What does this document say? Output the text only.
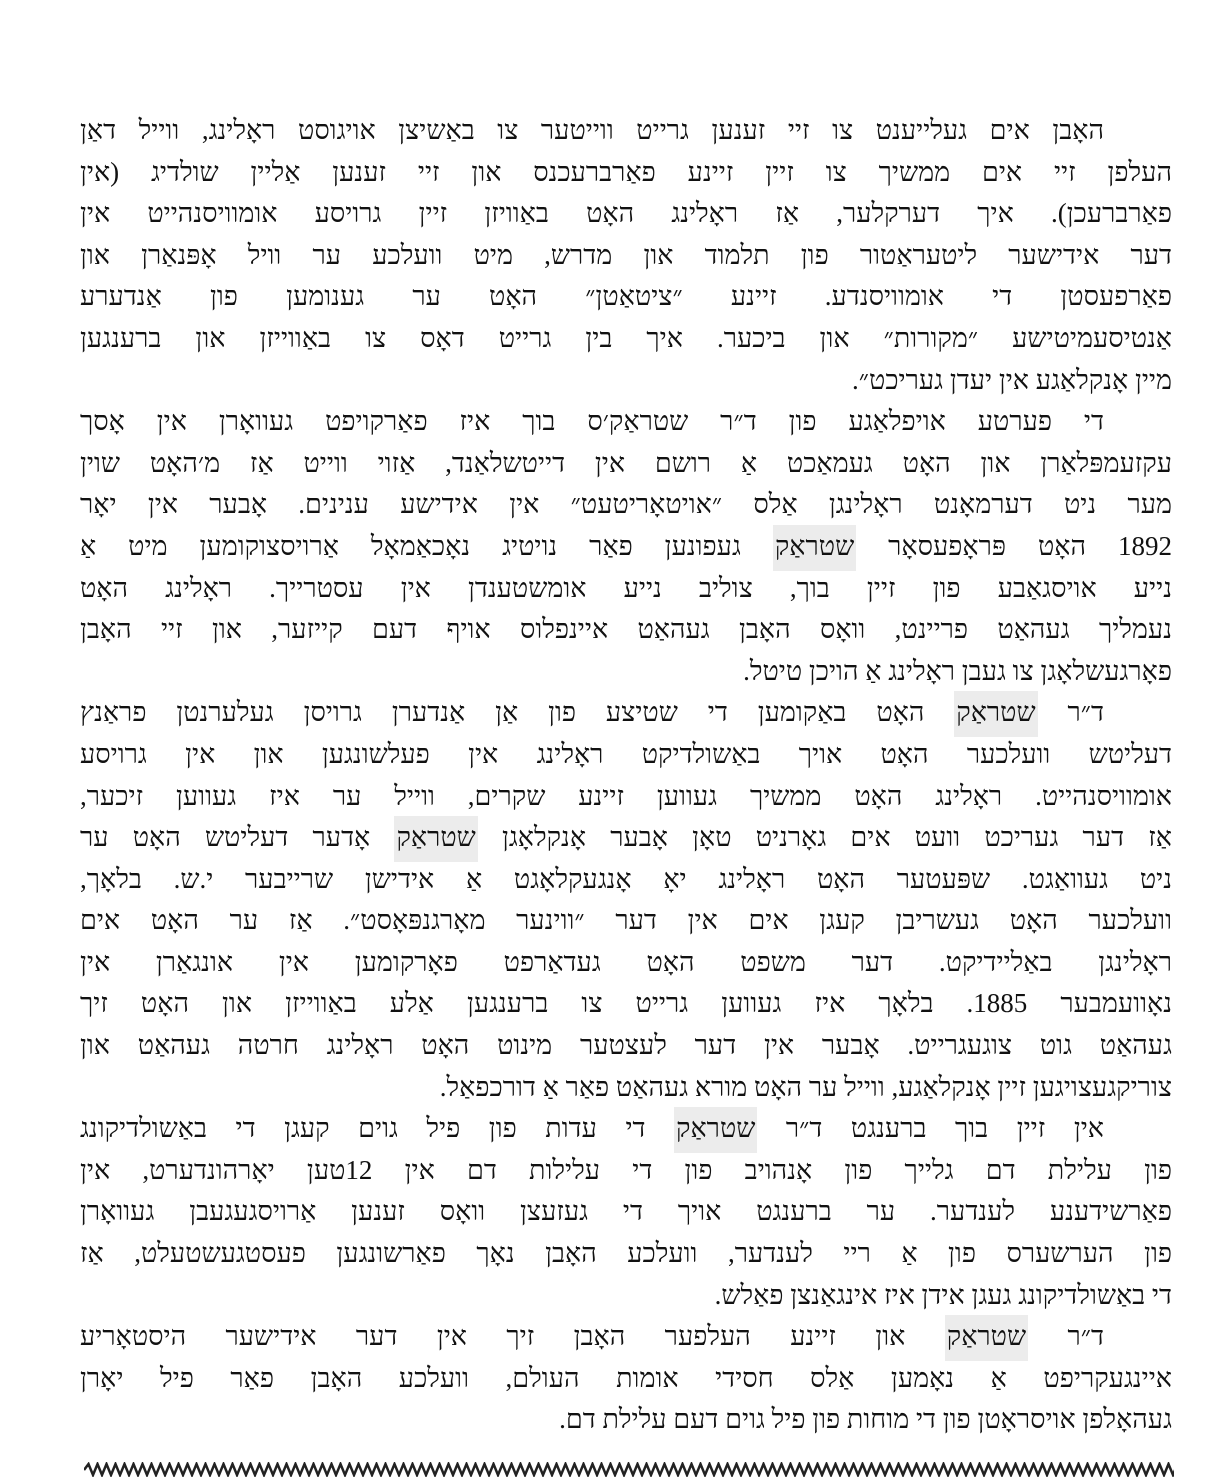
האָבן אים געלייענט צו זיי זענען גרייט ווייטער צו באַשיצן אויגוסט ראָלינג, ווייל דאַן
העלפן זיי אים ממשיך צו זיין זיינע פאַרברעכנס און זיי זענען אַליין שולדיג (אין
פאַרברעכן). איך דערקלער, אַז ראָלינג האָט באַוויזן זיין גרויסע אומוויסנהייט אין
דער אידישער ליטעראַטור פון תלמוד און מדרש, מיט וועלכע ער וויל אָפּנאַרן און
פאַרפעסטן די אומוויסנדע. זיינע ״ציטאַטן״ האָט ער גענומען פון אַנדערע
אַנטיסעמיטישע ״מקורות״ און ביכער. איך בין גרייט דאָס צו באַווייזן און ברענגען
מיין אָנקלאַגע אין יעדן געריכט״.
די פערטע אויפלאַגע פון ד״ר שטראַק׳ס בוך איז פאַרקויפט געוואָרן אין אָסך
עקזעמפּלאַרן און האָט געמאַכט אַ רושם אין דייטשלאַנד, אַזוי ווייט אַז מ׳האָט שוין
מער ניט דערמאָנט ראָלינגן אַלס ״אויטאָריטעט״ אין אידישע ענינים. אָבער אין יאָר
1892 האָט פּראָפעסאָר שטראַק געפונען פאַר נויטיג נאָכאַמאָל אַרויסצוקומען מיט אַ
נייע אויסגאַבע פון זיין בוך, צוליב נייע אומשטענדן אין עסטרייך. ראָלינג האָט
נעמליך געהאַט פריינט, וואָס האָבן געהאַט איינפלוס אויף דעם קייזער, און זיי האָבן
פאָרגעשלאָגן צו געבן ראָלינג אַ הויכן טיטל.
ד״ר שטראַק האָט באַקומען די שטיצע פון אַן אַנדערן גרויסן געלערנטן פראַנץ
דעליטש וועלכער האָט אויך באַשולדיקט ראָלינג אין פעלשונגען און אין גרויסע
אומוויסנהייט. ראָלינג האָט ממשיך געווען זיינע שקרים, ווייל ער איז געווען זיכער,
אַז דער געריכט וועט אים גאָרניט טאָן אָבער אָנקלאָגן שטראַק אָדער דעליטש האָט ער
ניט געוואַגט. שפּעטער האָט ראָלינג יאָ אָנגעקלאָגט אַ אידישן שרייבער י.ש. בלאָך,
וועלכער האָט געשריבן קעגן אים אין דער ״ווינער מאָרגנפּאָסט״. אַז ער האָט אים
ראָלינגן באַליידיקט. דער משפט האָט געדאַרפט פאָרקומען אין אונגאַרן אין
נאָוועמבער 1885. בלאָך איז געווען גרייט צו ברענגען אַלע באַווייזן און האָט זיך
געהאַט גוט צוגעגרייט. אָבער אין דער לעצטער מינוט האָט ראָלינג חרטה געהאַט און
צוריקגעצויגען זיין אָנקלאַגע, ווייל ער האָט מורא געהאַט פאַר אַ דורכפאַל.
אין זיין בוך ברענגט ד״ר שטראַק די עדות פון פיל גוים קעגן די באַשולדיקונג
פון עלילת דם גלייך פון אָנהויב פון די עלילות דם אין 12טען יאָרהונדערט, אין
פאַרשידענע לענדער. ער ברענגט אויך די געזעצן וואָס זענען אַרויסגעגעבן געוואָרן
פון הערשערס פון אַ ריי לענדער, וועלכע האָבן נאָך פאַרשונגען פעסטגעשטעלט, אַז
די באַשולדיקונג געגן אידן איז אינגאַנצן פאַלש.
ד״ר שטראַק און זיינע העלפער האָבן זיך אין דער אידישער היסטאָריע
איינגעקריפט אַ נאָמען אַלס חסידי אומות העולם, וועלכע האָבן פאַר פיל יאָרן
געהאָלפן אויסראָטן פון די מוחות פון פיל גוים דעם עלילת דם.
